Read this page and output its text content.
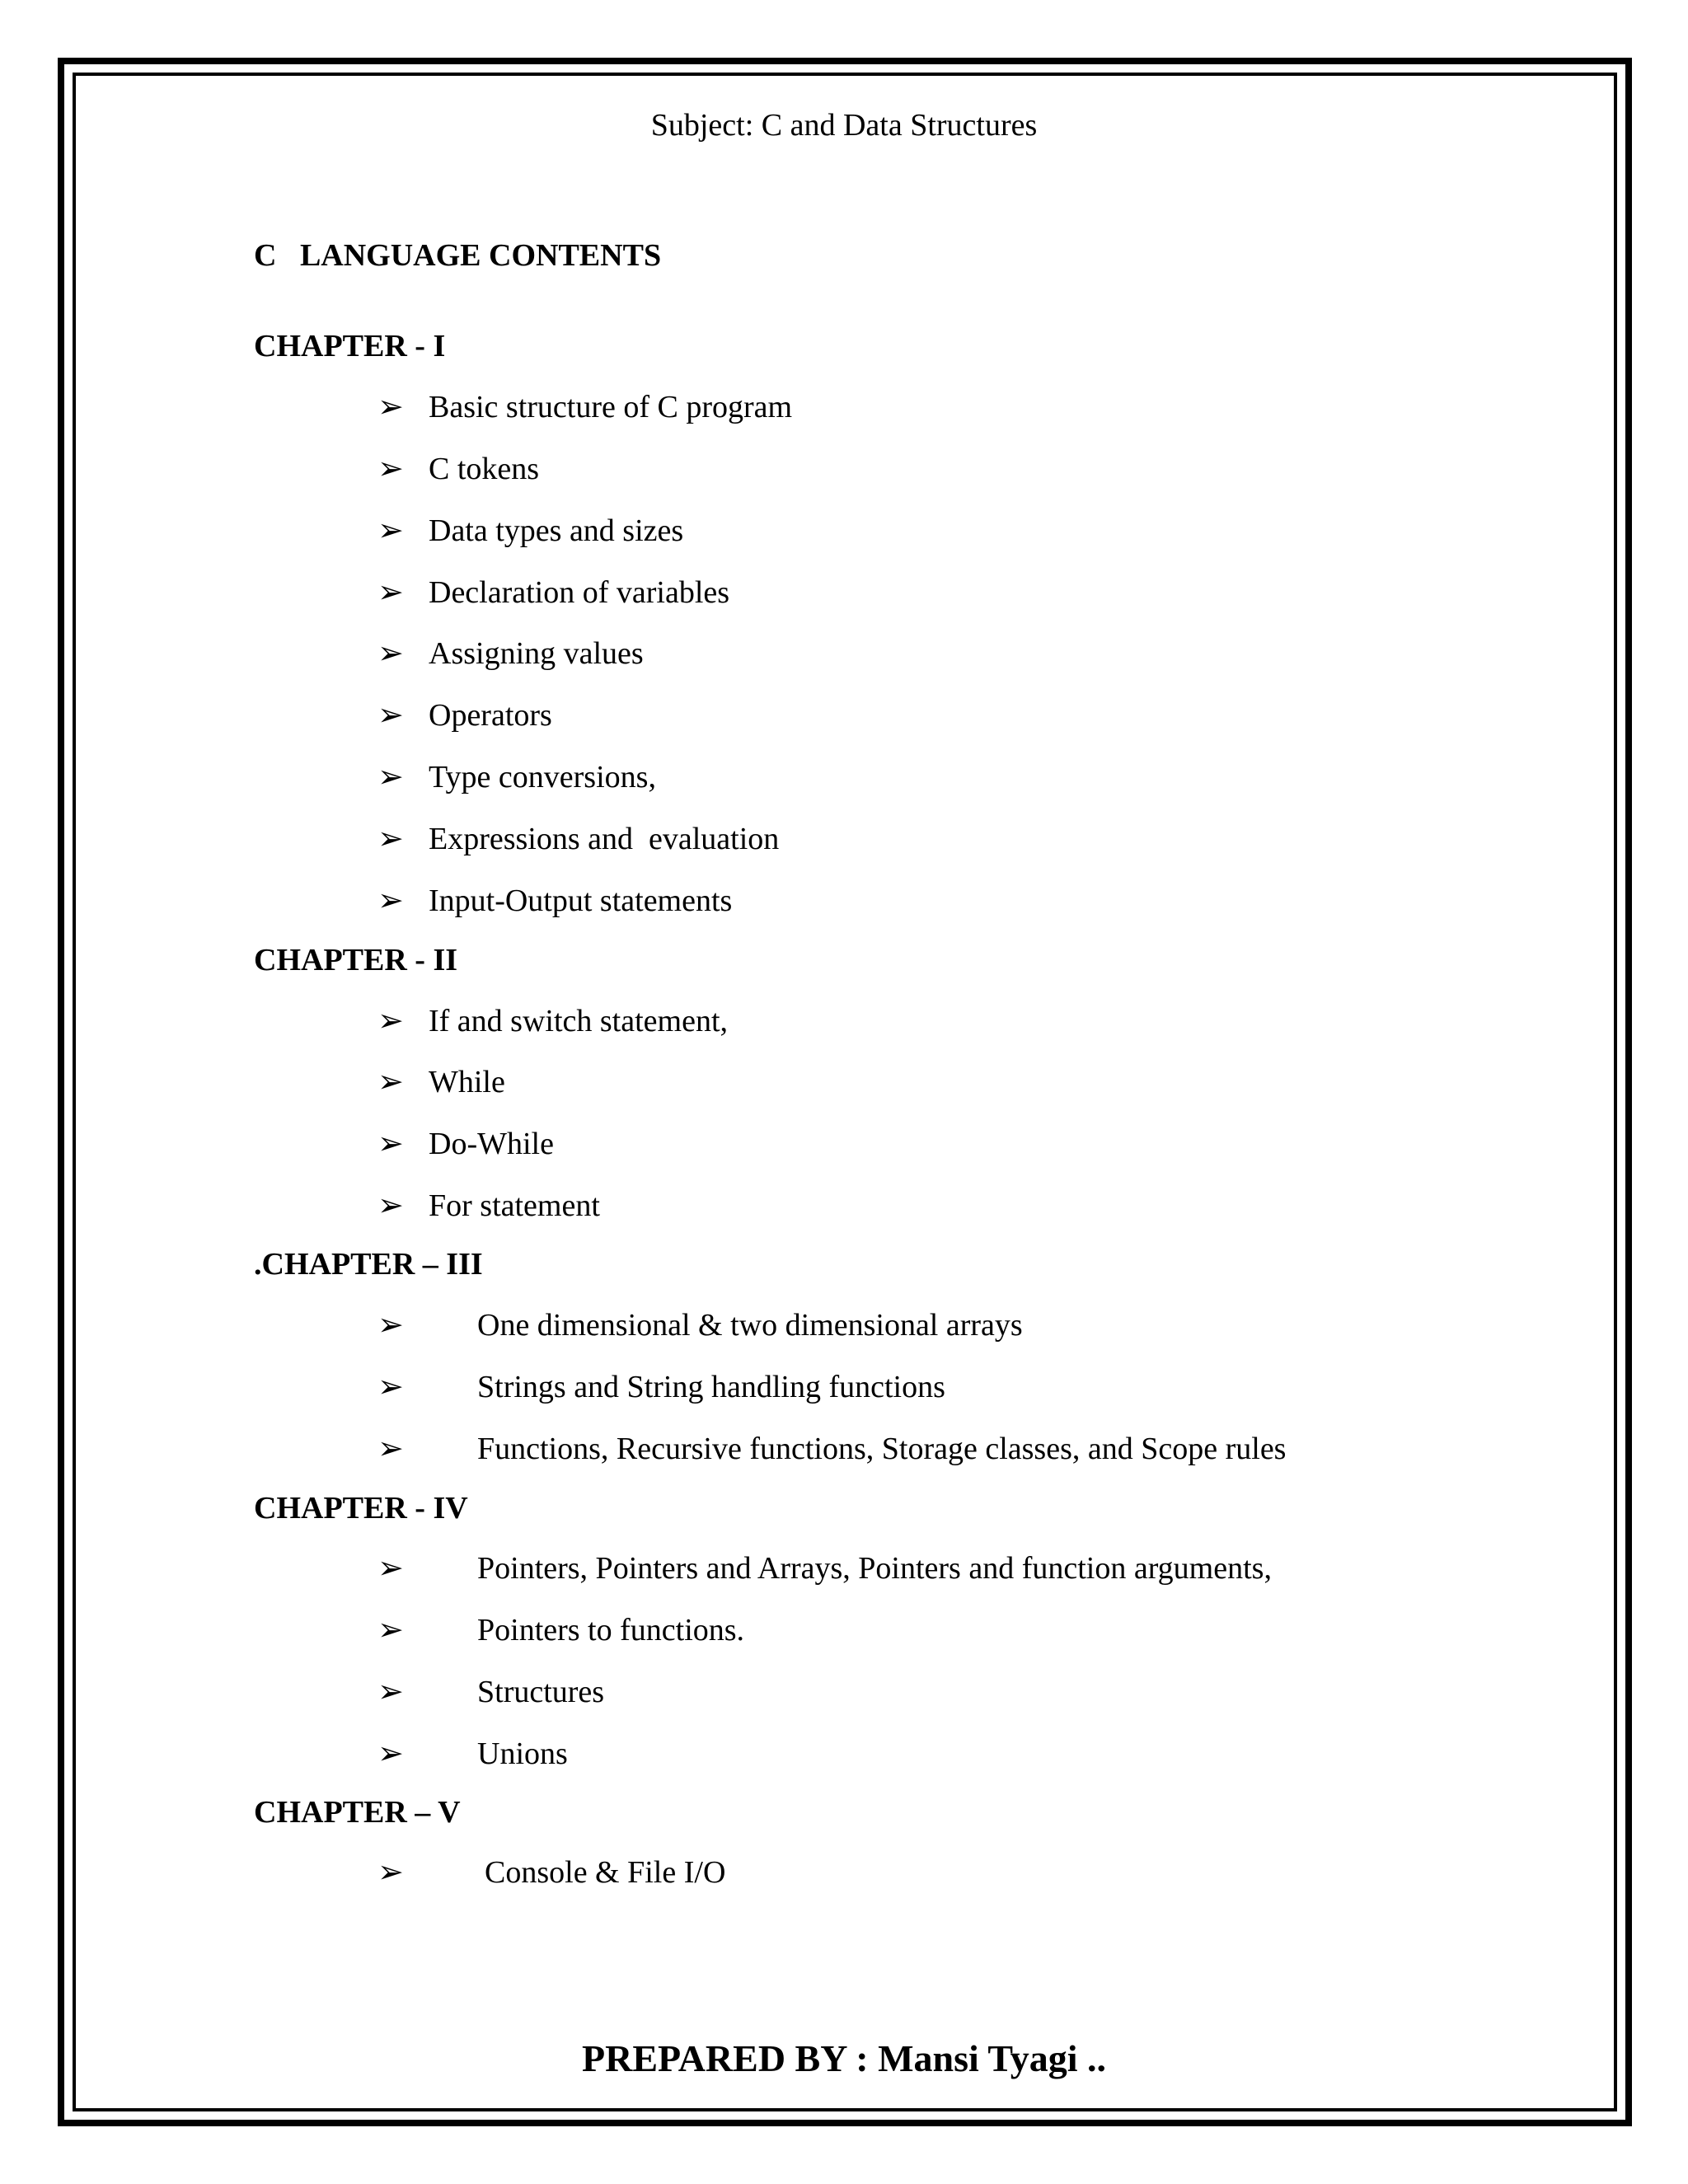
Subject: C and Data Structures
C   LANGUAGE CONTENTS
CHAPTER - I

➢

Basic structure of C program

➢

C tokens

➢

Data types and sizes

➢

Declaration of variables

➢

Assigning values

➢

Operators

➢

Type conversions,

➢

Expressions and  evaluation

➢

Input-Output statements

CHAPTER - II

➢

If and switch statement,

➢

While

➢

Do-While

➢

For statement

.CHAPTER – III

➢

One dimensional & two dimensional arrays

➢

Strings and String handling functions

➢

Functions, Recursive functions, Storage classes, and Scope rules

CHAPTER - IV

➢

Pointers, Pointers and Arrays, Pointers and function arguments,

➢

Pointers to functions.

➢

Structures

➢

Unions

CHAPTER – V

➢

	Console & File I/O

PREPARED BY : Mansi Tyagi ..
